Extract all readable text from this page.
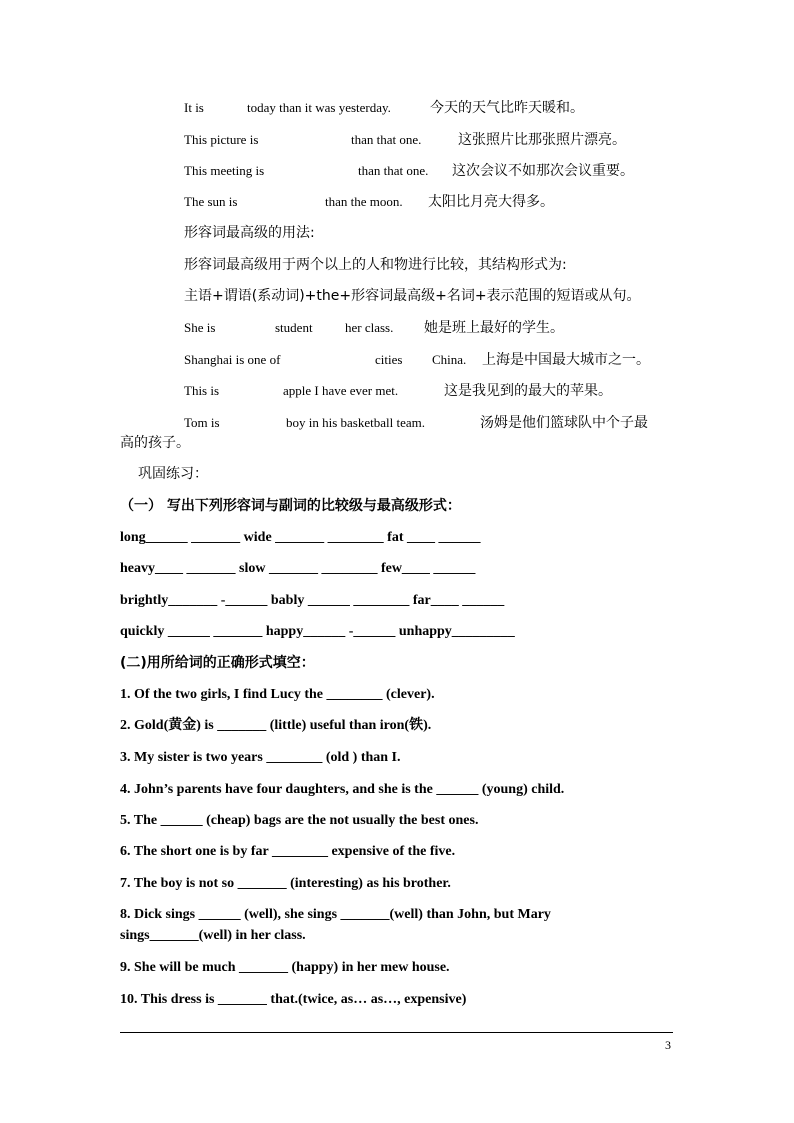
It is	today than it was yesterday.	今天的天气比昨天暖和。
This picture is	than that one.	这张照片比那张照片漂亮。
This meeting is	than that one. 这次会议不如那次会议重要。
The sun is	than the moon. 太阳比月亮大得多。
形容词最高级的用法:
形容词最高级用于两个以上的人和物进行比较，其结构形式为:
主语+谓语(系动词)+the+形容词最高级+名词+表示范围的短语或从句。
She is	student her class. 她是班上最好的学生。
Shanghai is one of	cities China. 上海是中国最大城市之一。
This is	apple I have ever met.	这是我见到的最大的苹果。
Tom is	boy in his basketball team.	汤姆是他们篮球队中个子最
高的孩子。
巩固练习：
（一） 写出下列形容词与副词的比较级与最高级形式：
long______ _______ wide _______ ________ fat ____ ______
heavy____ _______ slow _______ ________ few____ ______
brightly_______ -______ bably ______ ________ far____ ______
quickly ______ _______ happy______ -______ unhappy_________
(二)用所给词的正确形式填空：
1. Of the two girls, I find Lucy the ________ (clever).
2. Gold(黄金) is _______ (little) useful than iron(铁).
3. My sister is two years ________ (old ) than I.
4. John’s parents have four daughters, and she is the ______ (young) child.
5. The ______ (cheap) bags are the not usually the best ones.
6. The short one is by far ________ expensive of the five.
7. The boy is not so _______ (interesting) as his brother.
8. Dick sings ______ (well), she sings _______(well) than John, but Mary
sings_______(well) in her class.
9. She will be much _______ (happy) in her mew house.
10. This dress is _______ that.(twice, as… as…, expensive)
3
